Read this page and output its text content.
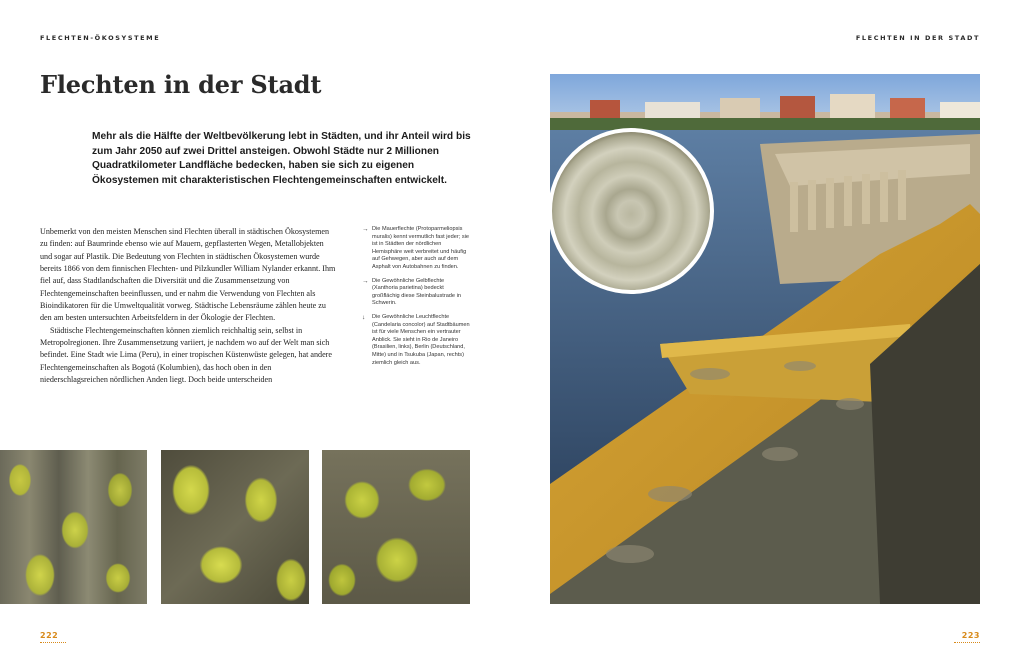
FLECHTEN-ÖKOSYSTEME	FLECHTEN IN DER STADT
Flechten in der Stadt

Mehr als die Hälfte der Weltbevölkerung lebt in Städten, und ihr Anteil wird bis zum Jahr 2050 auf zwei Drittel ansteigen. Obwohl Städte nur 2 Millionen Quadratkilometer Landfläche bedecken, haben sie sich zu eigenen Ökosystemen mit charakteristischen Flechtengemeinschaften entwickelt.

Unbemerkt von den meisten Menschen sind Flechten überall in städtischen Ökosystemen zu finden: auf Baumrinde ebenso wie auf Mauern, gepflasterten Wegen, Metallobjekten und sogar auf Plastik. Die Bedeutung von Flechten in städtischen Ökosystemen wurde bereits 1866 von dem finnischen Flechten- und Pilzkundler William Nylander erkannt. Ihm fiel auf, dass Stadtlandschaften die Diversität und die Zusammensetzung von Flechtengemeinschaften beeinflussen, und er nahm die Verwendung von Flechten als Bioindikatoren für die Umweltqualität vorweg. Städtische Lebensräume zählen heute zu den am besten untersuchten Arbeitsfeldern in der Ökologie der Flechten.

Städtische Flechtengemeinschaften können ziemlich reichhaltig sein, selbst in Metropolregionen. Ihre Zusammensetzung variiert, je nachdem wo auf der Welt man sich befindet. Eine Stadt wie Lima (Peru), in einer tropischen Küstenwüste gelegen, hat andere Flechtengemeinschaften als Bogotá (Kolumbien), das hoch oben in den niederschlagsreichen nördlichen Anden liegt. Doch beide unterscheiden

→ Die Mauerflechte (Protoparmeliopsis muralis) kennt vermutlich fast jeder; sie ist in Städten der nördlichen Hemisphäre weit verbreitet und häufig auf Gehwegen, aber auch auf dem Asphalt von Autobahnen zu finden.
→ Die Gewöhnliche Gelbflechte (Xanthoria parietina) bedeckt großflächig diese Steinbalustrade in Schwerin.
↓	Die Gewöhnliche Leuchtflechte (Candelaria concolor) auf Stadtbäumen ist für viele Menschen ein vertrauter Anblick. Sie sieht in Rio de Janeiro (Brasilien, links), Berlin (Deutschland, Mitte) und in Tsukuba (Japan, rechts) ziemlich gleich aus.
222	223
